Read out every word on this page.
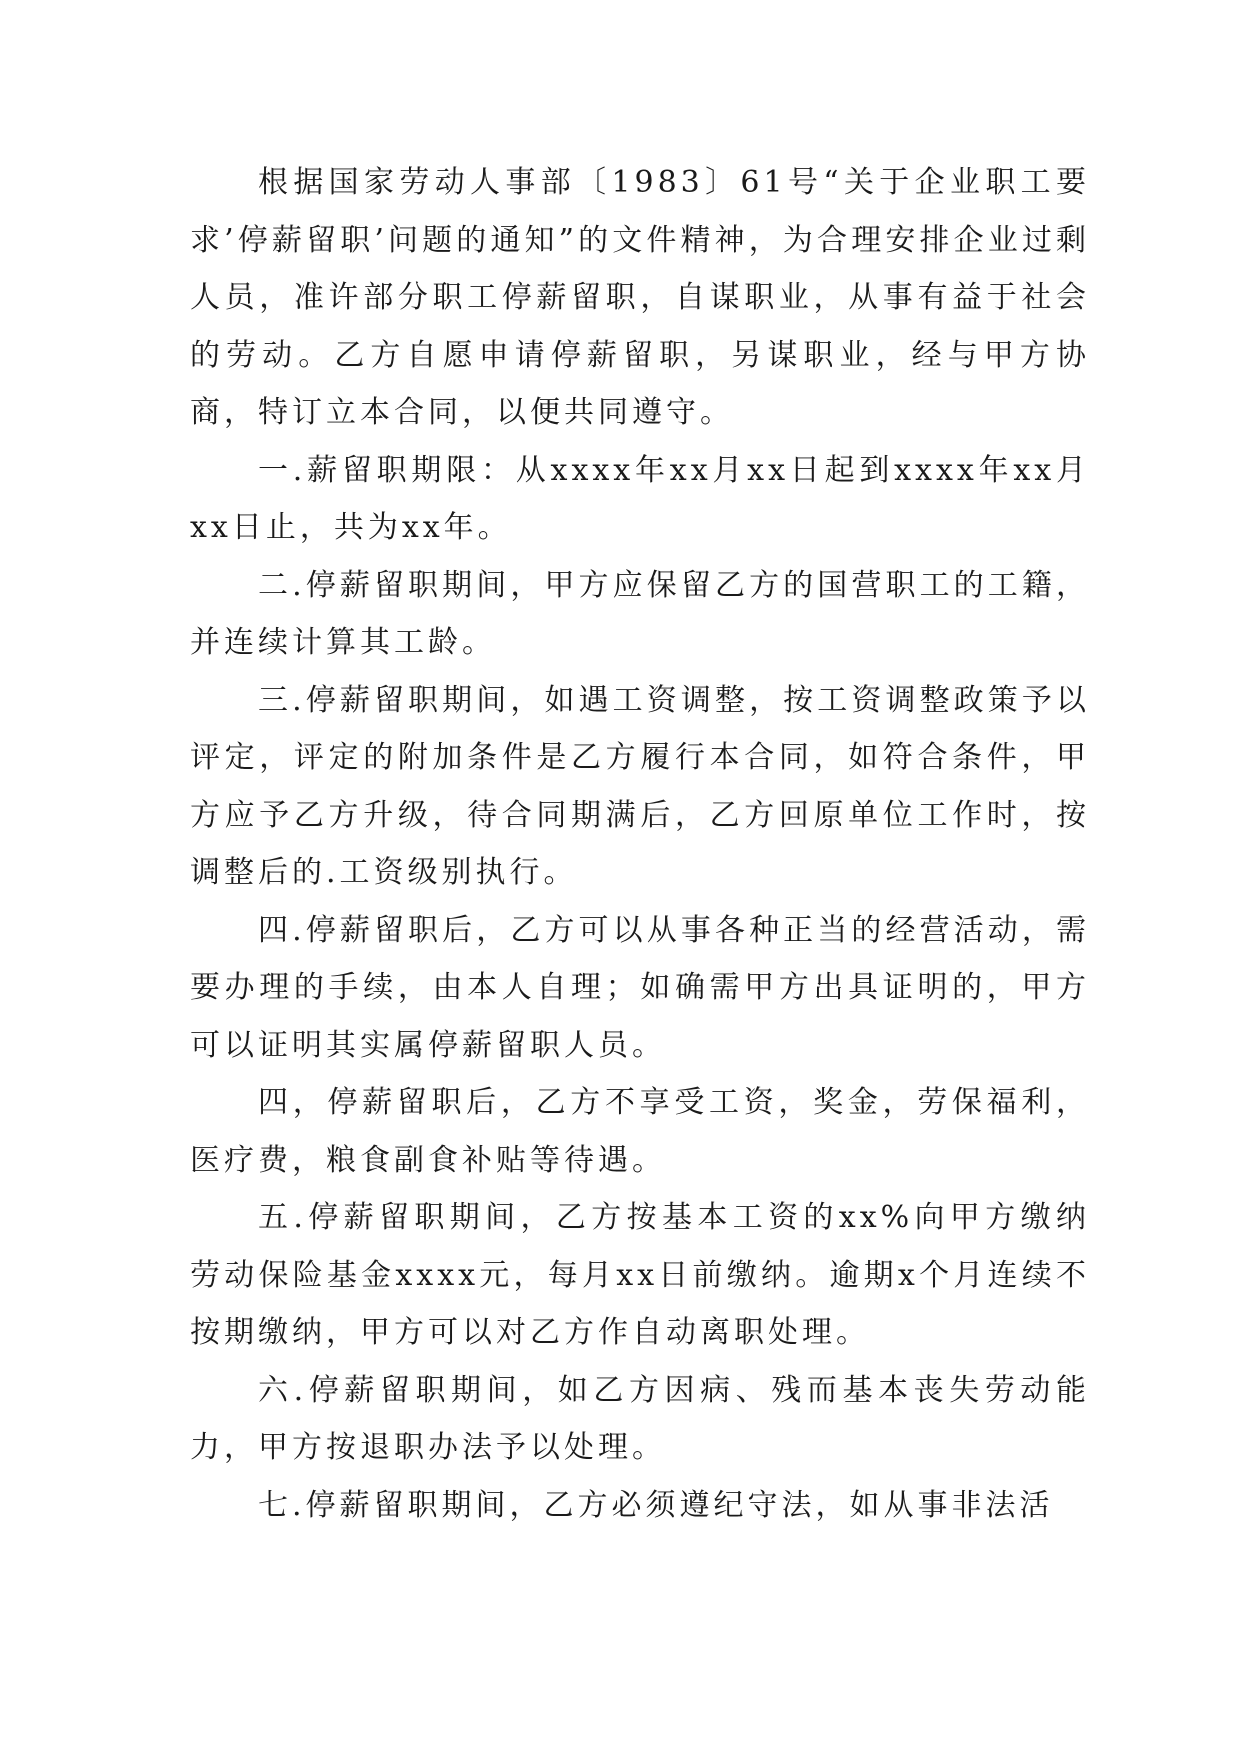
根据国家劳动人事部〔1983〕61号“关于企业职工要求’停薪留职’问题的通知”的文件精神，为合理安排企业过剩人员，准许部分职工停薪留职，自谋职业，从事有益于社会的劳动。乙方自愿申请停薪留职，另谋职业，经与甲方协商，特订立本合同，以便共同遵守。

一.薪留职期限：从xxxx年xx月xx日起到xxxx年xx月xx日止，共为xx年。

二.停薪留职期间，甲方应保留乙方的国营职工的工籍，并连续计算其工龄。

三.停薪留职期间，如遇工资调整，按工资调整政策予以评定，评定的附加条件是乙方履行本合同，如符合条件，甲方应予乙方升级，待合同期满后，乙方回原单位工作时，按调整后的.工资级别执行。

四.停薪留职后，乙方可以从事各种正当的经营活动，需要办理的手续，由本人自理；如确需甲方出具证明的，甲方可以证明其实属停薪留职人员。

四，停薪留职后，乙方不享受工资，奖金，劳保福利，医疗费，粮食副食补贴等待遇。

五.停薪留职期间，乙方按基本工资的xx%向甲方缴纳劳动保险基金xxxx元，每月xx日前缴纳。逾期x个月连续不按期缴纳，甲方可以对乙方作自动离职处理。

六.停薪留职期间，如乙方因病、残而基本丧失劳动能力，甲方按退职办法予以处理。

七.停薪留职期间，乙方必须遵纪守法，如从事非法活
